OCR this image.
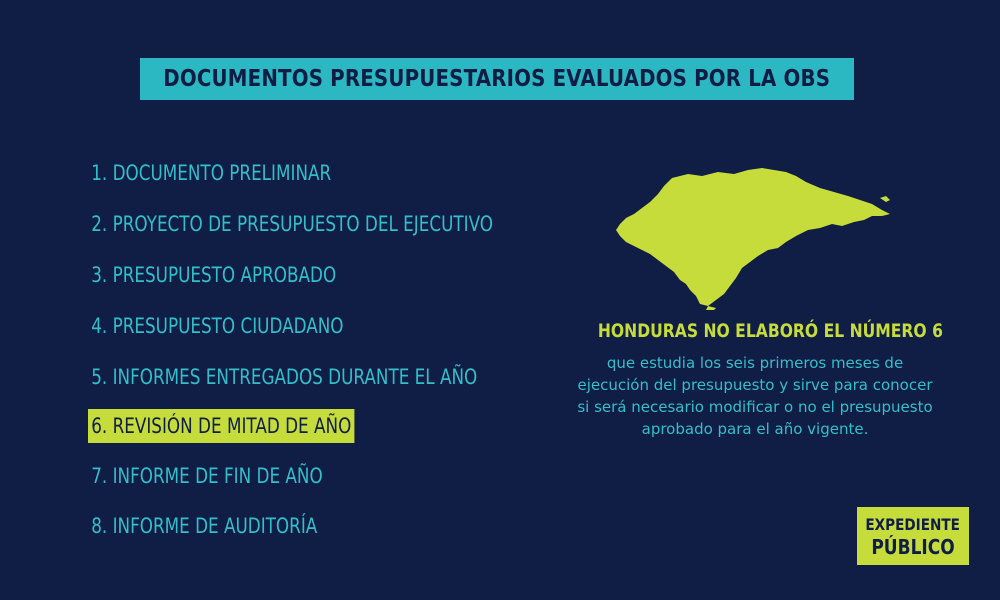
DOCUMENTOS PRESUPUESTARIOS EVALUADOS POR LA OBS
1. DOCUMENTO PRELIMINAR
2. PROYECTO DE PRESUPUESTO DEL EJECUTIVO
3. PRESUPUESTO APROBADO
4. PRESUPUESTO CIUDADANO
5. INFORMES ENTREGADOS DURANTE EL AÑO
6. REVISIÓN DE MITAD DE AÑO
7. INFORME DE FIN DE AÑO
8. INFORME DE AUDITORÍA
HONDURAS NO ELABORÓ EL NÚMERO 6
que estudia los seis primeros meses de
ejecución del presupuesto y sirve para conocer
si será necesario modificar o no el presupuesto
aprobado para el año vigente.
EXPEDIENTE
PÚBLICO
